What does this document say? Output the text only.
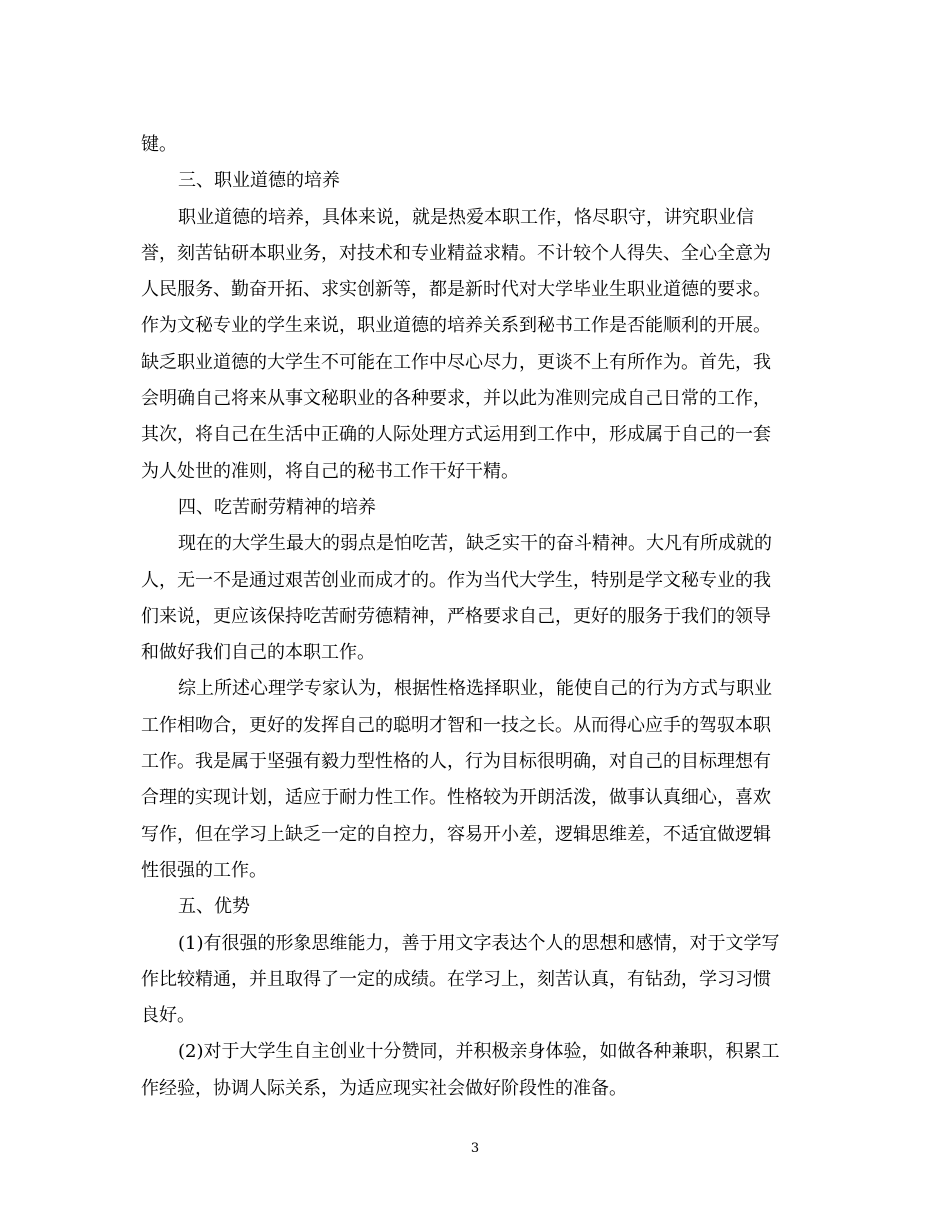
键。
三、职业道德的培养
职业道德的培养，具体来说，就是热爱本职工作，恪尽职守，讲究职业信
誉，刻苦钻研本职业务，对技术和专业精益求精。不计较个人得失、全心全意为
人民服务、勤奋开拓、求实创新等，都是新时代对大学毕业生职业道德的要求。
作为文秘专业的学生来说，职业道德的培养关系到秘书工作是否能顺利的开展。
缺乏职业道德的大学生不可能在工作中尽心尽力，更谈不上有所作为。首先，我
会明确自己将来从事文秘职业的各种要求，并以此为准则完成自己日常的工作，
其次，将自己在生活中正确的人际处理方式运用到工作中，形成属于自己的一套
为人处世的准则，将自己的秘书工作干好干精。
四、吃苦耐劳精神的培养
现在的大学生最大的弱点是怕吃苦，缺乏实干的奋斗精神。大凡有所成就的
人，无一不是通过艰苦创业而成才的。作为当代大学生，特别是学文秘专业的我
们来说，更应该保持吃苦耐劳德精神，严格要求自己，更好的服务于我们的领导
和做好我们自己的本职工作。
综上所述心理学专家认为，根据性格选择职业，能使自己的行为方式与职业
工作相吻合，更好的发挥自己的聪明才智和一技之长。从而得心应手的驾驭本职
工作。我是属于坚强有毅力型性格的人，行为目标很明确，对自己的目标理想有
合理的实现计划，适应于耐力性工作。性格较为开朗活泼，做事认真细心，喜欢
写作，但在学习上缺乏一定的自控力，容易开小差，逻辑思维差，不适宜做逻辑
性很强的工作。
五、优势
(1)有很强的形象思维能力，善于用文字表达个人的思想和感情，对于文学写
作比较精通，并且取得了一定的成绩。在学习上，刻苦认真，有钻劲，学习习惯
良好。
(2)对于大学生自主创业十分赞同，并积极亲身体验，如做各种兼职，积累工
作经验，协调人际关系，为适应现实社会做好阶段性的准备。
3
